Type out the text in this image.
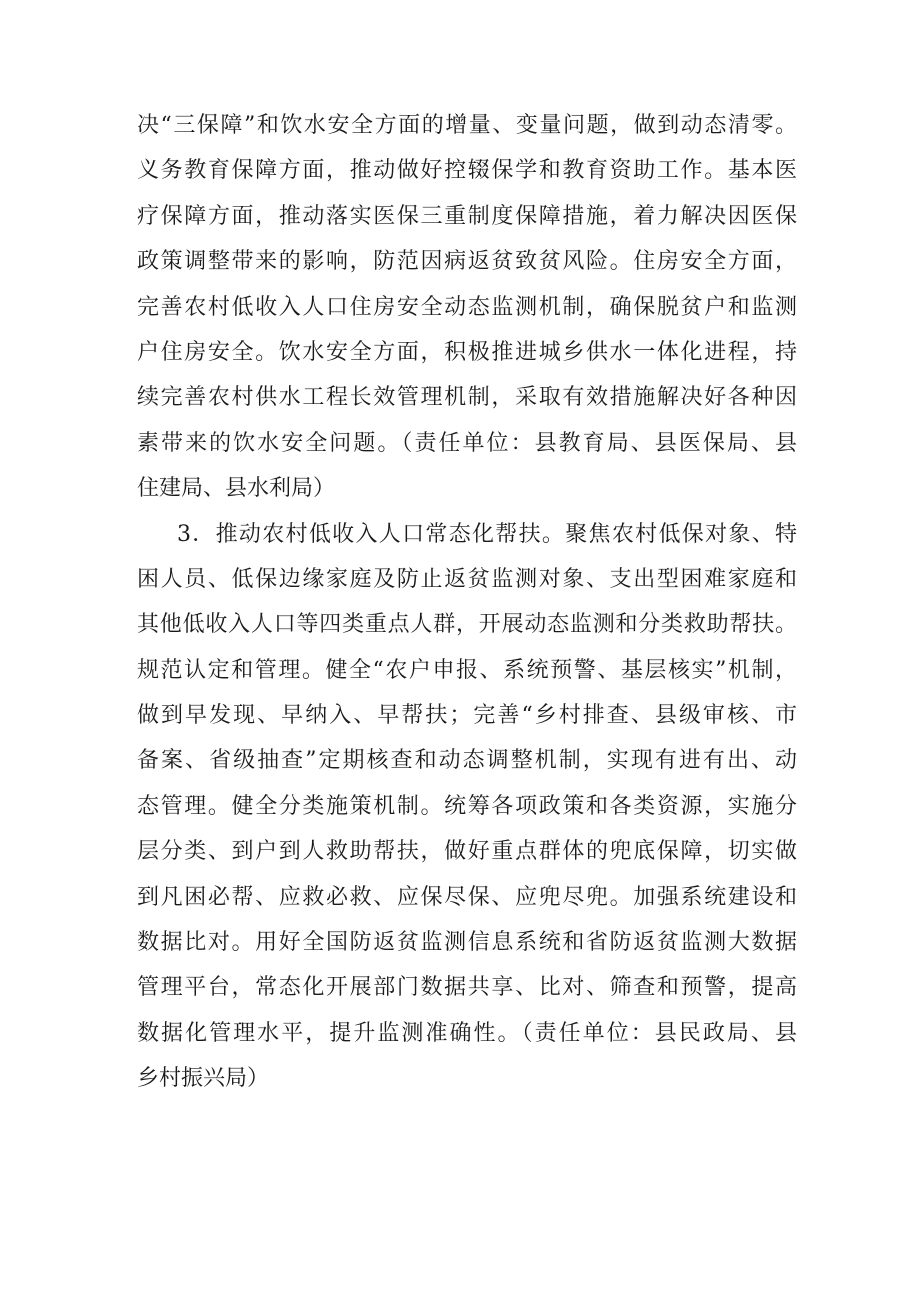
决“三保障”和饮水安全方面的增量、变量问题，做到动态清零。
义务教育保障方面，推动做好控辍保学和教育资助工作。基本医
疗保障方面，推动落实医保三重制度保障措施，着力解决因医保
政策调整带来的影响，防范因病返贫致贫风险。住房安全方面，
完善农村低收入人口住房安全动态监测机制，确保脱贫户和监测
户住房安全。饮水安全方面，积极推进城乡供水一体化进程，持
续完善农村供水工程长效管理机制，采取有效措施解决好各种因
素带来的饮水安全问题。（责任单位：县教育局、县医保局、县
住建局、县水利局）
3．推动农村低收入人口常态化帮扶。聚焦农村低保对象、特
困人员、低保边缘家庭及防止返贫监测对象、支出型困难家庭和
其他低收入人口等四类重点人群，开展动态监测和分类救助帮扶。
规范认定和管理。健全“农户申报、系统预警、基层核实”机制，
做到早发现、早纳入、早帮扶；完善“乡村排查、县级审核、市
备案、省级抽查”定期核查和动态调整机制，实现有进有出、动
态管理。健全分类施策机制。统筹各项政策和各类资源，实施分
层分类、到户到人救助帮扶，做好重点群体的兜底保障，切实做
到凡困必帮、应救必救、应保尽保、应兜尽兜。加强系统建设和
数据比对。用好全国防返贫监测信息系统和省防返贫监测大数据
管理平台，常态化开展部门数据共享、比对、筛查和预警，提高
数据化管理水平，提升监测准确性。（责任单位：县民政局、县
乡村振兴局）
